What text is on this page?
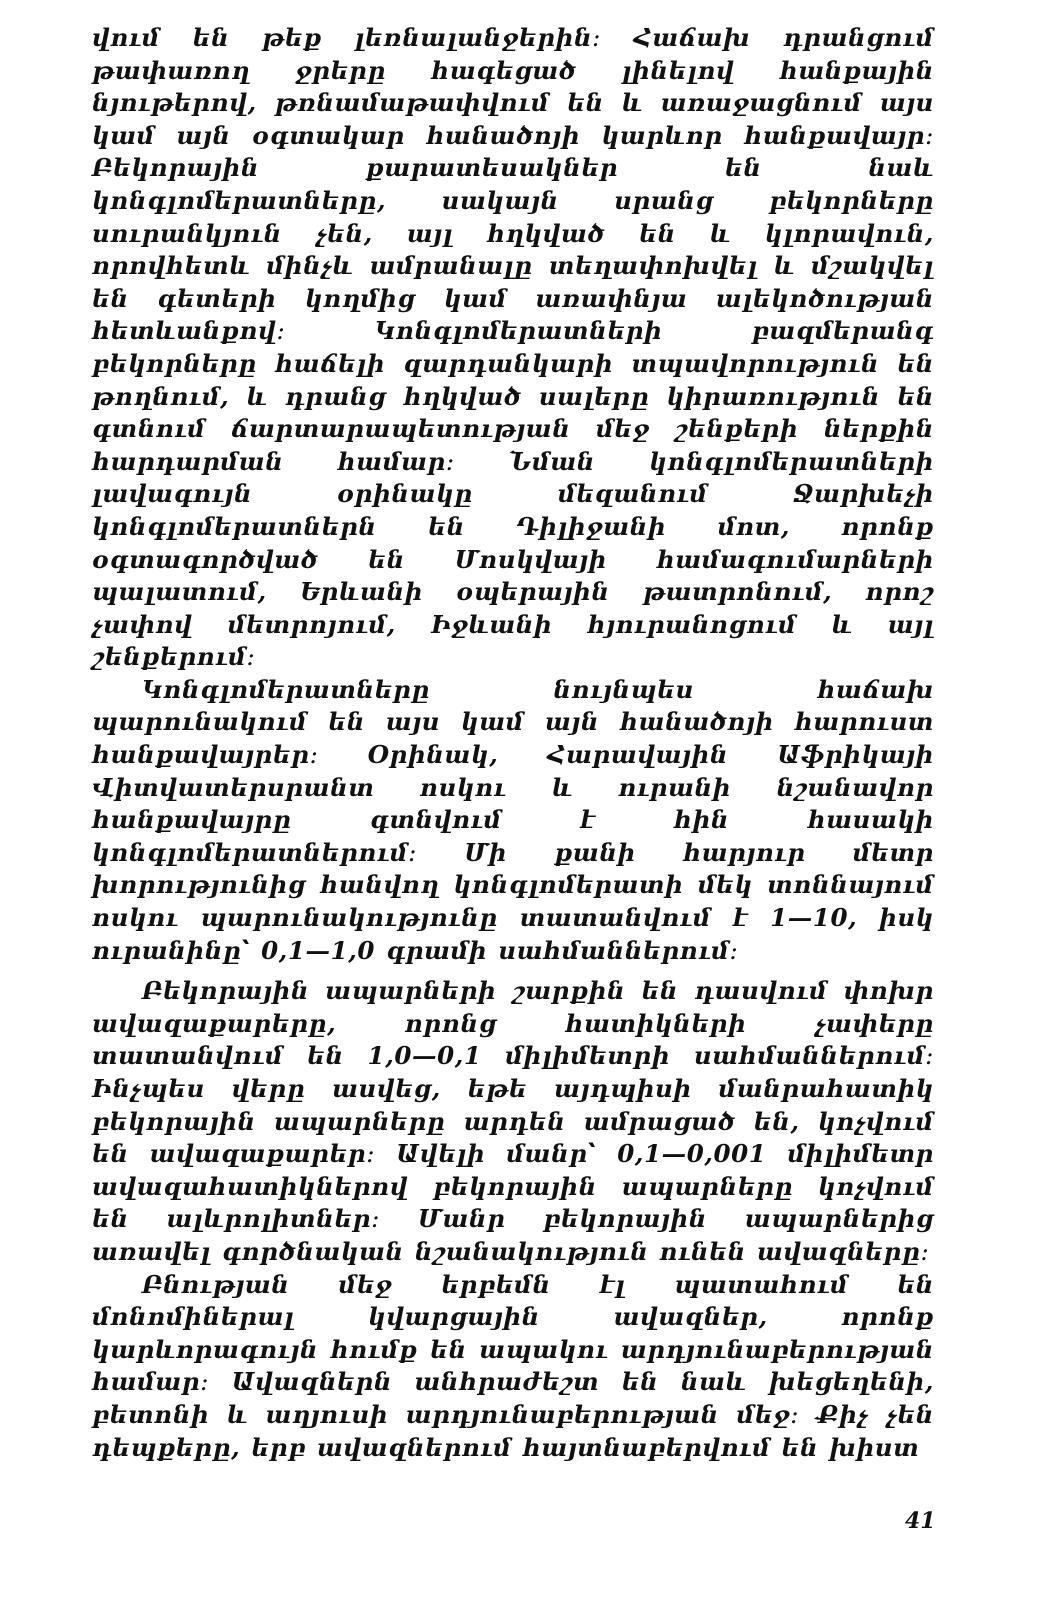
վում են թեք լեռնալանջերին։ Հաճախ դրանցում թափառող ջրերը հագեցած լինելով հանքային նյութերով, թռնամաթափվում են և առաջացնում այս կամ այն օգտակար հանածոյի կարևոր հանքավայր։ Բեկորային քարատեսակներ են նաև կոնգլոմերատները, սակայն սրանց բեկորները սուրանկյուն չեն, այլ հղկված են և կլորավուն, որովհետև մինչև ամրանալը տեղափոխվել և մշակվել են գետերի կողմից կամ առափնյա ալեկոծության հետևանքով։ Կոնգլոմերատների բազմերանգ բեկորները հաճելի զարդանկարի տպավորություն են թողնում, և դրանց հղկված սալերը կիրառություն են գտնում ճարտարապետության մեջ շենքերի ներքին հարդարման համար։ Նման կոնգլոմերատների լավագույն օրինակը մեզանում Ջարխեչի կոնգլոմերատներն են Դիլիջանի մոտ, որոնք օգտագործված են Մոսկվայի համագումարների պալատում, Երևանի օպերային թատրոնում, որոշ չափով մետրոյում, Իջևանի հյուրանոցում և այլ շենքերում։

Կոնգլոմերատները նույնպես հաճախ պարունակում են այս կամ այն հանածոյի հարուստ հանքավայրեր։ Օրինակ, Հարավային Աֆրիկայի Վիտվատերսրանտ ոսկու և ուրանի նշանավոր հանքավայրը գտնվում է հին հասակի կոնգլոմերատներում։ Մի քանի հարյուր մետր խորությունից հանվող կոնգլոմերատի մեկ տոննայում ոսկու պարունակությունը տատանվում է 1—10, իսկ ուրանինը՝ 0,1—1,0 գրամի սահմաններում։

Բեկորային ապարների շարքին են դասվում փոխր ավազաքարերը, որոնց հատիկների չափերը տատանվում են 1,0—0,1 միլիմետրի սահմաններում։ Ինչպես վերը ասվեց, եթե այդպիսի մանրահատիկ բեկորային ապարները արդեն ամրացած են, կոչվում են ավազաքարեր։ Ավելի մանր՝ 0,1—0,001 միլիմետր ավազահատիկներով բեկորային ապարները կոչվում են ալևրոլիտներ։ Մանր բեկորային ապարներից առավել գործնական նշանակություն ունեն ավազները։

Բնության մեջ երբեմն էլ պատահում են մոնոմիներալ կվարցային ավազներ, որոնք կարևորագույն հումք են ապակու արդյունաբերության համար։ Ավազներն անհրաժեշտ են նաև խեցեղենի, բետոնի և աղյուսի արդյունաբերության մեջ։ Քիչ չեն դեպքերը, երբ ավազներում հայտնաբերվում են խիստ

41
